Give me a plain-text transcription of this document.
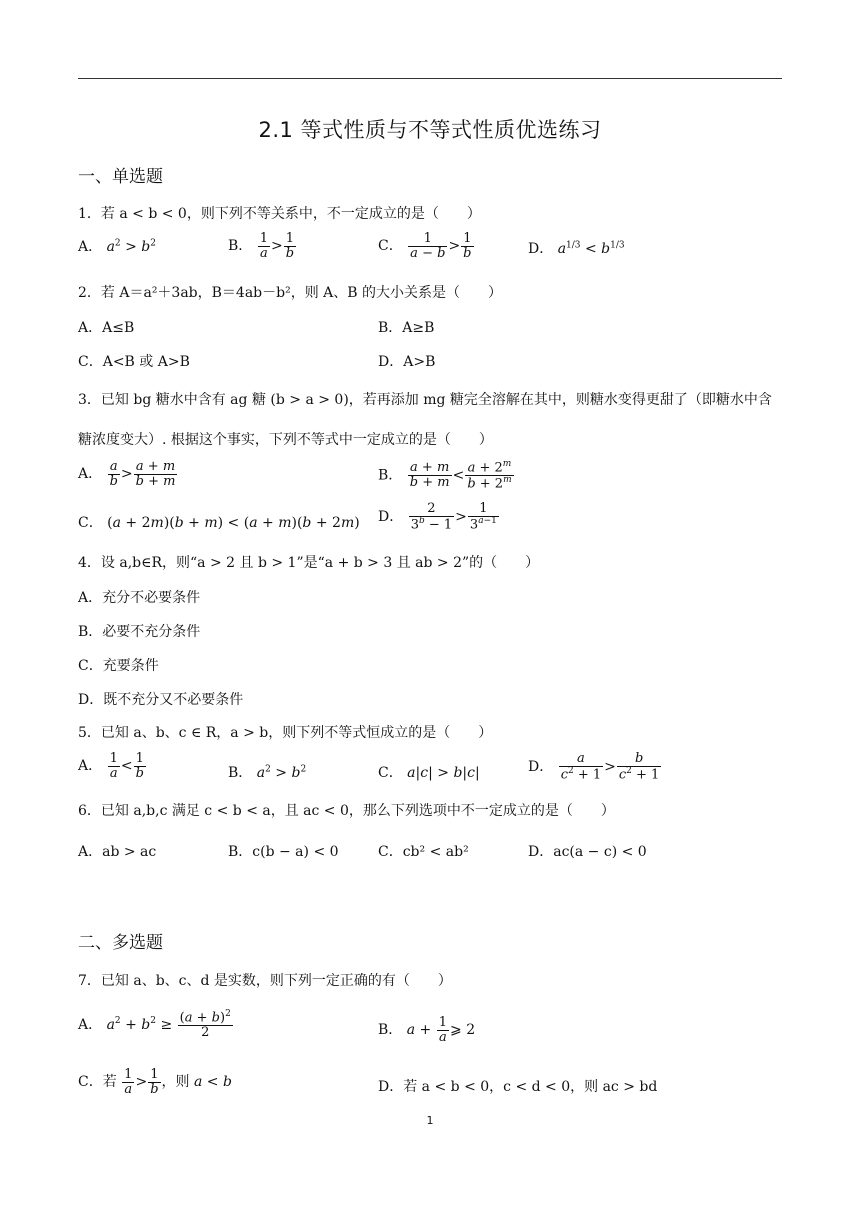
2.1 等式性质与不等式性质优选练习
一、单选题
1．若 a < b < 0，则下列不等关系中，不一定成立的是（　　）
A． $a^2 > b^2$	B． $\frac{1}{a} > \frac{1}{b}$	C． $\frac{1}{a - b} > \frac{1}{b}$	D． $a^{1/3} < b^{1/3}$
2．若 A＝a²＋3ab，B＝4ab－b²，则 A、B 的大小关系是（　　）
A．A≤B	B．A≥B
C．A<B 或 A>B	D．A>B
3．已知 bg 糖水中含有 ag 糖 (b > a > 0)，若再添加 mg 糖完全溶解在其中，则糖水变得更甜了（即糖水中含
糖浓度变大）. 根据这个事实，下列不等式中一定成立的是（　　）
A． $\frac{a}{b} > \frac{a + m}{b + m}$	B． $\frac{a + m}{b + m} < \frac{a + 2^m}{b + 2^m}$
C． (a + 2m)(b + m) < (a + m)(b + 2m) D． $\frac{2}{3^b - 1} > \frac{1}{3^{a-1}}$
4．设 a,b∈R，则“a > 2 且 b > 1”是“a + b > 3 且 ab > 2”的（　　）
A．充分不必要条件
B．必要不充分条件
C．充要条件
D．既不充分又不必要条件
5．已知 a、b、c ∈ R，a > b，则下列不等式恒成立的是（　　）
A． $\frac{1}{a} < \frac{1}{b}$	B． $a^2 > b^2$	C． a|c| > b|c|	D． $\frac{a}{c^2 + 1} > \frac{b}{c^2 + 1}$
6．已知 a,b,c 满足 c < b < a，且 ac < 0，那么下列选项中不一定成立的是（　　）
A．ab > ac	B．c(b − a) < 0	C．cb² < ab²	D．ac(a − c) < 0
二、多选题
7．已知 a、b、c、d 是实数，则下列一定正确的有（　　）
A． $a^2 + b^2 \ge \frac{(a + b)^2}{2}$	B． $a + \frac{1}{a}$ ⩾ 2
C．若 $\frac{1}{a} > \frac{1}{b}$ ，则 a < b	D．若 a < b < 0，c < d < 0，则 ac > bd
1
